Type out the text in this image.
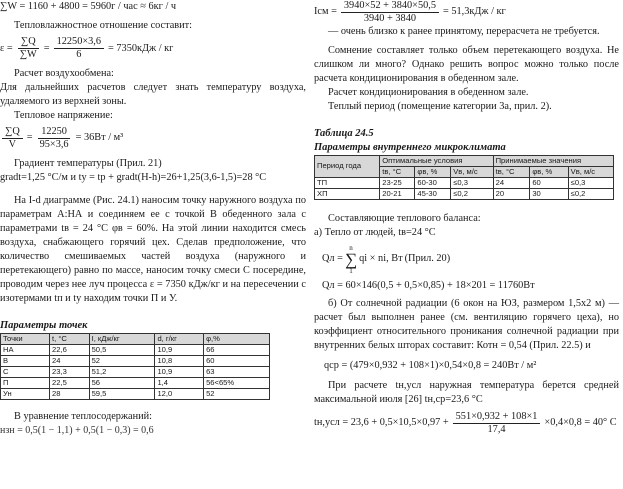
∑W = 1160 + 4800 = 5960г / час ≈ 6кг / ч

Тепловлажностное отношение составит:

$\varepsilon = \frac{\sum Q}{\sum W} = \frac{12250\times 3,6}{6} = 7350кДж$ / кг

Расчет воздухообмена:

Для дальнейших расчетов следует знать температуру воздуха, удаляемого из верхней зоны.

Тепловое напряжение:

$\frac{\sum Q}{V} = \frac{12250}{95\times 3,6} = 36Вт / м^3$

Градиент температуры (Прил. 21)

gradt=1,25 °С/м и tу = tр + gradt(H-h)=26+1,25(3,6-1,5)=28 °С

На I-d диаграмме (Рис. 24.1) наносим точку наружного воздуха по параметрам А:НА и соединяем ее с точкой В обеденного зала с параметрами tв = 24 °С φв = 60%. На этой линии находится смесь воздуха, снабжающего горячий цех. Сделав предположение, что количество смешиваемых частей воздуха (наружного и перетекающего) равно по массе, наносим точку смеси С посередине, проводим через нее луч процесса ε = 7350 кДж/кг и на пересечении с изотермами tп и tу находим точки П и У.

Параметры точек

Точки	t, °С	I, кДж/кг	d, г/кг	φ,%
НА	22,6	50,5	10,9	66
В	24	52	10,8	60
С	23,3	51,2	10,9	63
П	22,5	56	1,4	56<65%
Ун	28	59,5	12,0	52

В уравнение теплосодержаний:

нзн = 0,5(1 − 1,1) + 0,5(1 − 0,3) = 0,6

Iсм = $\frac{3940\times 52 + 3840\times 50,5}{3940 + 3840} = 51,3кДж$ / кг

— очень близко к ранее принятому, перерасчета не требуется.

Сомнение составляет только объем перетекающего воздуха. Не слишком ли много? Однако решить вопрос можно только после расчета кондиционирования в обеденном зале.

Расчет кондиционирования в обеденном зале.

Теплый период (помещение категории 3а, прил. 2).

Таблица 24.5

Параметры внутреннего микроклимата

Период года	Оптимальные условия			Принимаемые значения		
	tв, °С	φв, %	Vв, м/с	tв, °С	φв, %	Vв, м/с
ТП	23-25	60-30	≤0,3	24	60	≤0,3
ХП	20-21	45-30	≤0,2	20	30	≤0,2

Составляющие теплового баланса:

а) Тепло от людей, tв=24 °С

Qл =
n
∑
1
qi × ni, Вт (Прил. 20)

Qл = 60×146(0,5 + 0,5×0,85) + 18×201 = 11760Вт

б) От солнечной радиации (6 окон на ЮЗ, размером 1,5х2 м) — расчет был выполнен ранее (см. вентиляцию горячего цеха), но коэффициент относительного проникания солнечной радиации при внутренних белых шторах составит: Котн = 0,54 (Прил. 22.5) и

qср = (479×0,932 + 108×1)×0,54×0,8 = 240Вт / м²

При расчете tн,усл наружная температура берется средней максимальной июля [26] tн,ср=23,6 °С

$tн,усл = 23,6 + 0,5\times 10,5\times 0,97 + \frac{551\times 0,932 + 108\times 1}{17,4} \times 0,4\times 0,8 = 40^\circ$ С
